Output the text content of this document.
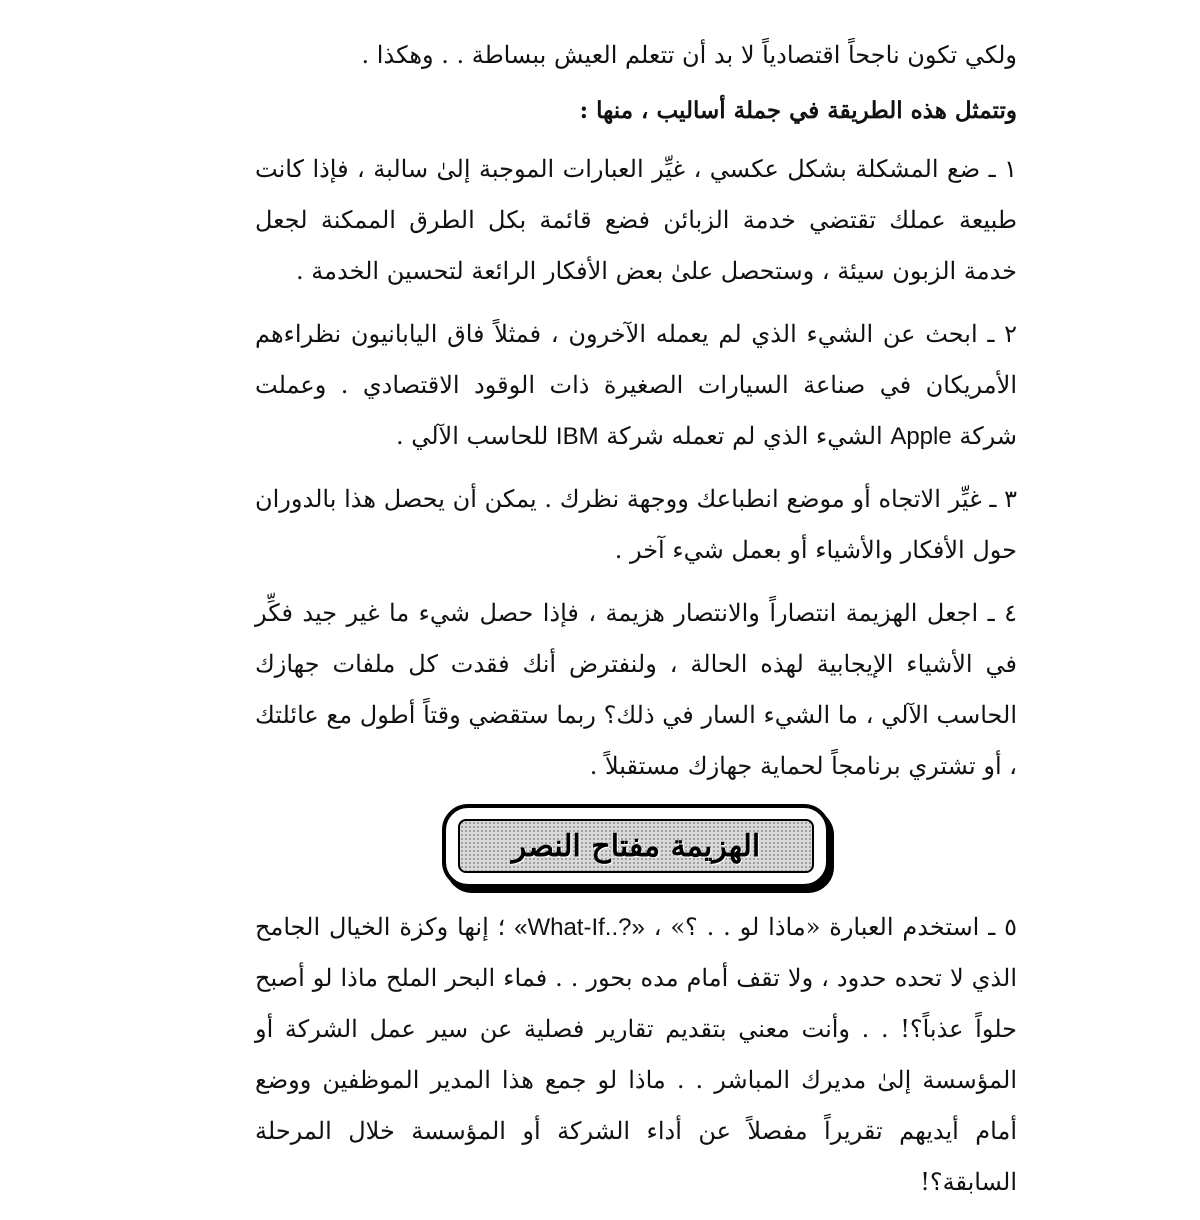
ولكي تكون ناجحاً اقتصادياً لا بد أن تتعلم العيش ببساطة . . وهكذا .

وتتمثل هذه الطريقة في جملة أساليب ، منها :

١ ـ ضع المشكلة بشكل عكسي ، غيِّر العبارات الموجبة إلىٰ سالبة ، فإذا كانت طبيعة عملك تقتضي خدمة الزبائن فضع قائمة بكل الطرق الممكنة لجعل خدمة الزبون سيئة ، وستحصل علىٰ بعض الأفكار الرائعة لتحسين الخدمة .

٢ ـ ابحث عن الشيء الذي لم يعمله الآخرون ، فمثلاً فاق اليابانيون نظراءهم الأمريكان في صناعة السيارات الصغيرة ذات الوقود الاقتصادي . وعملت شركة Apple الشيء الذي لم تعمله شركة IBM للحاسب الآلي .

٣ ـ غيِّر الاتجاه أو موضع انطباعك ووجهة نظرك . يمكن أن يحصل هذا بالدوران حول الأفكار والأشياء أو بعمل شيء آخر .

٤ ـ اجعل الهزيمة انتصاراً والانتصار هزيمة ، فإذا حصل شيء ما غير جيد فكِّر في الأشياء الإيجابية لهذه الحالة ، ولنفترض أنك فقدت كل ملفات جهازك الحاسب الآلي ، ما الشيء السار في ذلك؟ ربما ستقضي وقتاً أطول مع عائلتك ، أو تشتري برنامجاً لحماية جهازك مستقبلاً .

الهزيمة مفتاح النصر

٥ ـ استخدم العبارة «ماذا لو . . ؟» ، «What-If..?» ؛ إنها وكزة الخيال الجامح الذي لا تحده حدود ، ولا تقف أمام مده بحور . . فماء البحر الملح ماذا لو أصبح حلواً عذباً؟! . . وأنت معني بتقديم تقارير فصلية عن سير عمل الشركة أو المؤسسة إلىٰ مديرك المباشر . . ماذا لو جمع هذا المدير الموظفين ووضع أمام أيديهم تقريراً مفصلاً عن أداء الشركة أو المؤسسة خلال المرحلة السابقة؟!
